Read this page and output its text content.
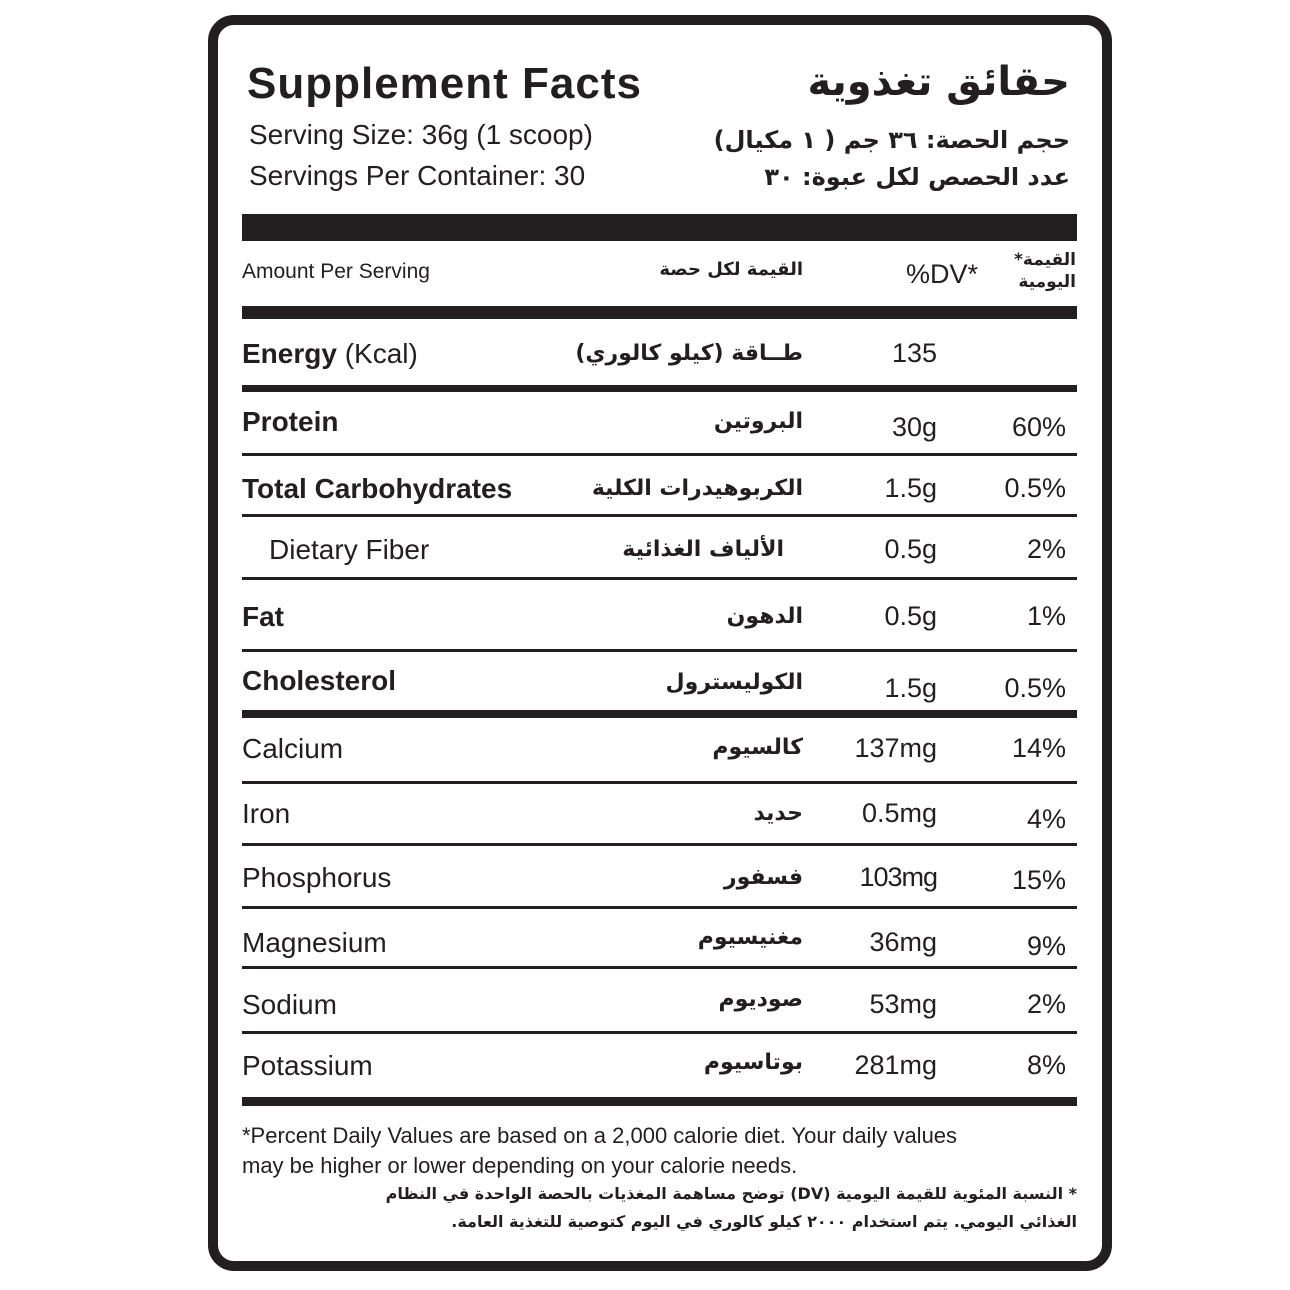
Supplement Facts	حقائق تغذوية
Serving Size: 36g (1 scoop)
Servings Per Container: 30
حجم الحصة: ٣٦ جم ( ١ مكيال)
عدد الحصص لكل عبوة: ٣٠
Amount Per Serving	القيمة لكل حصة	%DV* القيمة*
اليومية
Energy (Kcal)	طــاقة (كيلو كالوري)	135
Protein	البروتين	30g	60%
Total Carbohydrates	الكربوهيدرات الكلية	1.5g 0.5%
Dietary Fiber	الألياف الغذائية	0.5g	2%
Fat	الدهون	0.5g	1%
Cholesterol	الكوليسترول	1.5g 0.5%
Calcium	كالسيوم 137mg	14%
Iron	حديد 0.5mg	4%
Phosphorus	فسفور 103mg	15%
Magnesium	مغنيسيوم 36mg	9%
Sodium	صوديوم 53mg	2%
Potassium	بوتاسيوم 281mg	8%
*Percent Daily Values are based on a 2,000 calorie diet. Your daily values
may be higher or lower depending on your calorie needs.
* النسبة المئوية للقيمة اليومية (DV) توضح مساهمة المغذيات بالحصة الواحدة في النظام
الغذائي اليومي. يتم استخدام ٢٠٠٠ كيلو كالوري في اليوم كتوصية للتغذية العامة.
